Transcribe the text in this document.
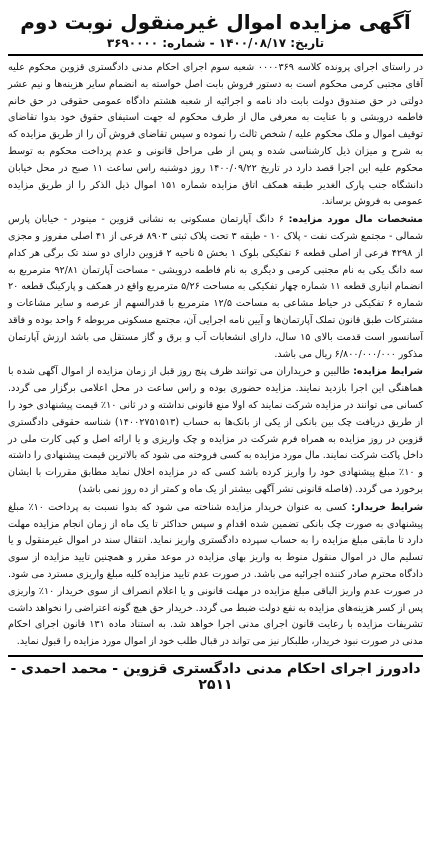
آگهی مزایده اموال غیرمنقول نوبت دوم
تاریخ: ۱۴۰۰/۰۸/۱۷ - شماره: ۳۶۹۰۰۰۰

در راستای اجرای پرونده کلاسه ۰۰۰۰۳۶۹ شعبه سوم اجرای احکام مدنی دادگستری قزوین محکوم علیه آقای مجتبی کرمی محکوم است به دستور فروش بابت اصل خواسته به انضمام سایر هزینه‌ها و نیم عشر دولتی در حق صندوق دولت بابت داد نامه و اجرائیه از شعبه هشتم دادگاه عمومی حقوقی در حق خانم فاطمه درویشی و با عنایت به معرفی مال از طرف محکوم له جهت استیفای حقوق خود بدوا تقاضای توقیف اموال و ملک محکوم علیه / شخص ثالث را نموده و سپس تقاضای فروش آن را از طریق مزایده که به شرح و میزان ذیل کارشناسی شده و پس از طی مراحل قانونی و عدم پرداخت محکوم به توسط محکوم علیه این اجرا قصد دارد در تاریخ ۱۴۰۰/۰۹/۲۲ روز دوشنبه راس ساعت ۱۱ صبح در محل خیابان دانشگاه جنب پارک الغدیر طبقه همکف اتاق مزایده شماره ۱۵۱ اموال ذیل الذکر را از طریق مزایده عمومی به فروش برساند.

مشخصات مال مورد مزایده: ۶ دانگ آپارتمان مسکونی به نشانی قزوین - مینودر - خیابان پارس شمالی - مجتمع شرکت نفت - پلاک ۱۰ - طبقه ۳ تحت پلاک ثبتی ۸۹۰۳ فرعی از ۴۱ اصلی مفروز و مجزی از ۴۲۹۸ فرعی از اصلی قطعه ۶ تفکیکی بلوک ۱ بخش ۵ ناحیه ۲ قزوین دارای دو سند تک برگی هر کدام سه دانگ یکی به نام مجتبی کرمی و دیگری به نام فاطمه درویشی - مساحت آپارتمان ۹۲/۸۱ مترمربع به انضمام انباری قطعه ۱۱ شماره چهار تفکیکی به مساحت ۵/۲۶ مترمربع واقع در همکف و پارکینگ قطعه ۲۰ شماره ۶ تفکیکی در حیاط مشاعی به مساحت ۱۲/۵ مترمربع با قدرالسهم از عرصه و سایر مشاعات و مشترکات طبق قانون تملک آپارتمان‌ها و آیین نامه اجرایی آن، مجتمع مسکونی مربوطه ۶ واحد بوده و فاقد آسانسور است قدمت بالای ۱۵ سال، دارای انشعابات آب و برق و گاز مستقل می باشد ارزش آپارتمان مذکور ۶/۸۰۰/۰۰۰/۰۰۰ ریال می باشد.

شرایط مزایده: طالبین و خریداران می توانند ظرف پنج روز قبل از زمان مزایده از اموال آگهی شده با هماهنگی این اجرا بازدید نمایند. مزایده حضوری بوده و راس ساعت در محل اعلامی برگزار می گردد. کسانی می توانند در مزایده شرکت نمایند که اولا منع قانونی نداشته و در ثانی ۱۰٪ قیمت پیشنهادی خود را از طریق دریافت چک بین بانکی از یکی از بانک‌ها به حساب (۱۴۰۰۲۷۵۱۵۱۳) شناسه حقوقی دادگستری قزوین در روز مزایده به همراه فرم شرکت در مزایده و چک واریزی و یا ارائه اصل و کپی کارت ملی در داخل پاکت شرکت نمایند. مال مورد مزایده به کسی فروخته می شود که بالاترین قیمت پیشنهادی را داشته و ۱۰٪ مبلغ پیشنهادی خود را واریز کرده باشد کسی که در مزایده اخلال نماید مطابق مقررات با ایشان برخورد می گردد. (فاصله قانونی نشر آگهی بیشتر از یک ماه و کمتر از ده روز نمی باشد)

شرایط خریدار: کسی به عنوان خریدار مزایده شناخته می شود که بدوا نسبت به پرداخت ۱۰٪ مبلغ پیشنهادی به صورت چک بانکی تضمین شده اقدام و سپس حداکثر تا یک ماه از زمان انجام مزایده مهلت دارد تا مابقی مبلغ مزایده را به حساب سپرده دادگستری واریز نماید. انتقال سند در اموال غیرمنقول و یا تسلیم مال در اموال منقول منوط به واریز بهای مزایده در موعد مقرر و همچنین تایید مزایده از سوی دادگاه محترم صادر کننده اجرائیه می باشد. در صورت عدم تایید مزایده کلیه مبلغ واریزی مسترد می شود. در صورت عدم واریز الباقی مبلغ مزایده در مهلت قانونی و یا اعلام انصراف از سوی خریدار ۱۰٪ واریزی پس از کسر هزینه‌های مزایده به نفع دولت ضبط می گردد. خریدار حق هیچ گونه اعتراضی را نخواهد داشت تشریفات مزایده با رعایت قانون اجرای مدنی اجرا خواهد شد. به استناد ماده ۱۳۱ قانون اجرای احکام مدنی در صورت نبود خریدار، طلبکار نیز می تواند در قبال طلب خود از اموال مورد مزایده را قبول نماید.

دادورز اجرای احکام مدنی دادگستری قزوین - محمد احمدی - ۲۵۱۱
